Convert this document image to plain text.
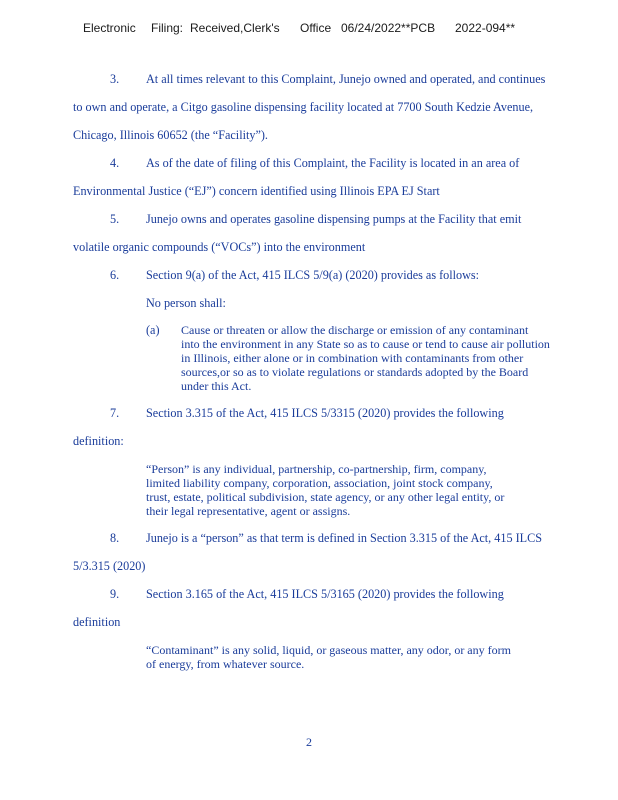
Electronic Filing: Received,Clerk's Office 06/24/2022**PCB 2022-094**
3. At all times relevant to this Complaint, Junejo owned and operated, and continues
to own and operate, a Citgo gasoline dispensing facility located at 7700 South Kedzie Avenue,
Chicago, Illinois 60652 (the “Facility”).
4. As of the date of filing of this Complaint, the Facility is located in an area of
Environmental Justice (“EJ”) concern identified using Illinois EPA EJ Start
5. Junejo owns and operates gasoline dispensing pumps at the Facility that emit
volatile organic compounds (“VOCs”) into the environment
6. Section 9(a) of the Act, 415 ILCS 5/9(a) (2020) provides as follows:
No person shall:
(a) Cause or threaten or allow the discharge or emission of any contaminant
into the environment in any State so as to cause or tend to cause air pollution
in Illinois, either alone or in combination with contaminants from other
sources,or so as to violate regulations or standards adopted by the Board
under this Act.
7. Section 3.315 of the Act, 415 ILCS 5/3315 (2020) provides the following
definition:
“Person” is any individual, partnership, co-partnership, firm, company,
limited liability company, corporation, association, joint stock company,
trust, estate, political subdivision, state agency, or any other legal entity, or
their legal representative, agent or assigns.
8. Junejo is a “person” as that term is defined in Section 3.315 of the Act, 415 ILCS
5/3.315 (2020)
9. Section 3.165 of the Act, 415 ILCS 5/3165 (2020) provides the following
definition
“Contaminant” is any solid, liquid, or gaseous matter, any odor, or any form
of energy, from whatever source.
2
